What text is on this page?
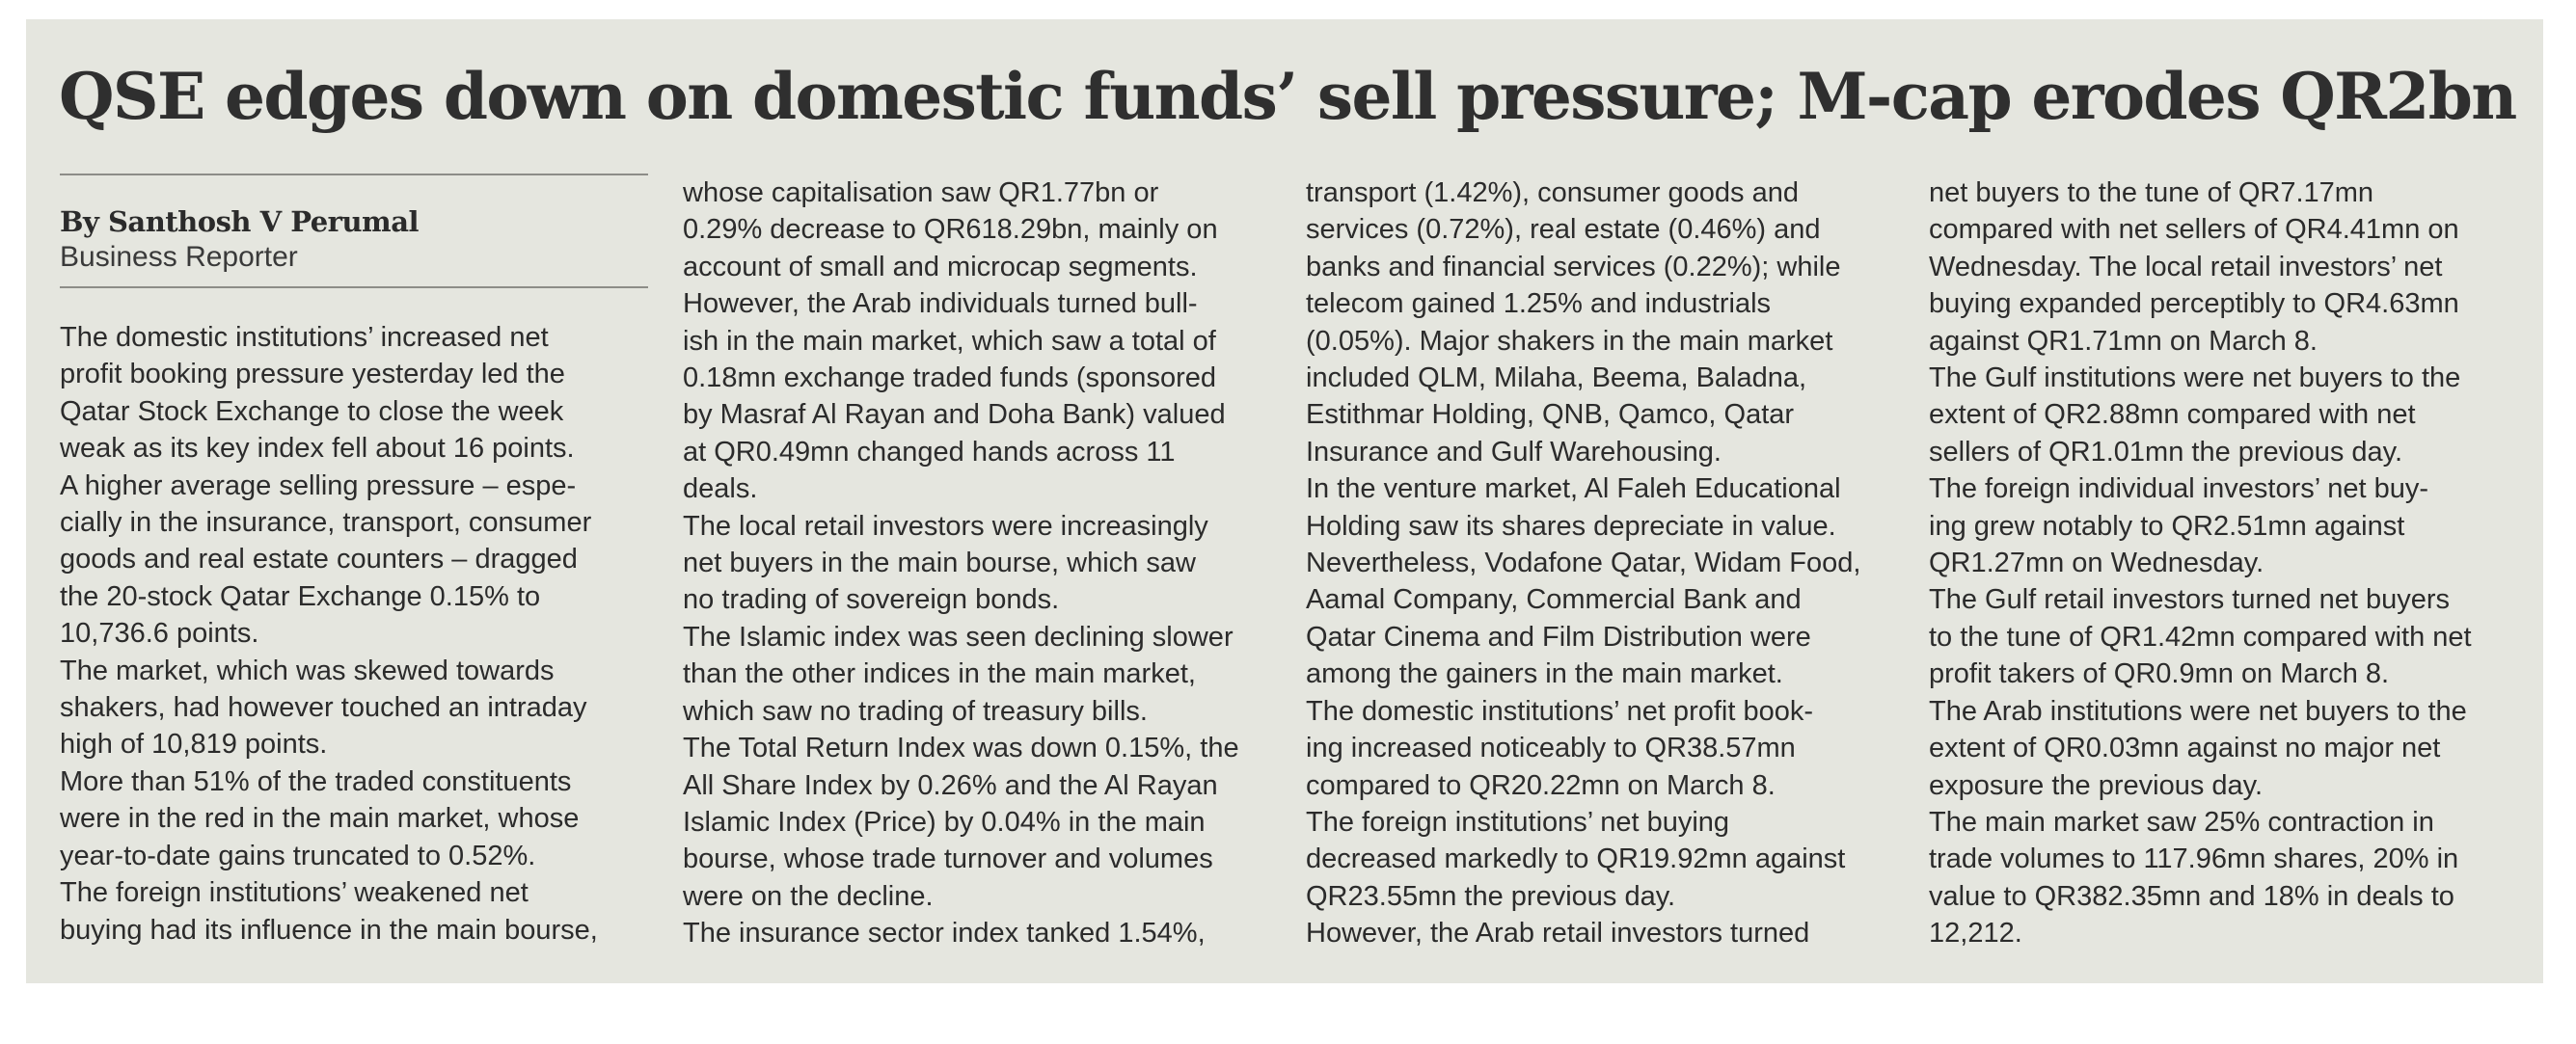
QSE edges down on domestic funds’ sell pressure; M-cap erodes QR2bn

By Santhosh V Perumal

Business Reporter

The domestic institutions’ increased net
profit booking pressure yesterday led the
Qatar Stock Exchange to close the week
weak as its key index fell about 16 points.
A higher average selling pressure – espe-
cially in the insurance, transport, consumer
goods and real estate counters – dragged
the 20-stock Qatar Exchange 0.15% to
10,736.6 points.
The market, which was skewed towards
shakers, had however touched an intraday
high of 10,819 points.
More than 51% of the traded constituents
were in the red in the main market, whose
year-to-date gains truncated to 0.52%.
The foreign institutions’ weakened net
buying had its influence in the main bourse,

whose capitalisation saw QR1.77bn or
0.29% decrease to QR618.29bn, mainly on
account of small and microcap segments.
However, the Arab individuals turned bull-
ish in the main market, which saw a total of
0.18mn exchange traded funds (sponsored
by Masraf Al Rayan and Doha Bank) valued
at QR0.49mn changed hands across 11
deals.
The local retail investors were increasingly
net buyers in the main bourse, which saw
no trading of sovereign bonds.
The Islamic index was seen declining slower
than the other indices in the main market,
which saw no trading of treasury bills.
The Total Return Index was down 0.15%, the
All Share Index by 0.26% and the Al Rayan
Islamic Index (Price) by 0.04% in the main
bourse, whose trade turnover and volumes
were on the decline.
The insurance sector index tanked 1.54%,

transport (1.42%), consumer goods and
services (0.72%), real estate (0.46%) and
banks and financial services (0.22%); while
telecom gained 1.25% and industrials
(0.05%). Major shakers in the main market
included QLM, Milaha, Beema, Baladna,
Estithmar Holding, QNB, Qamco, Qatar
Insurance and Gulf Warehousing.
In the venture market, Al Faleh Educational
Holding saw its shares depreciate in value.
Nevertheless, Vodafone Qatar, Widam Food,
Aamal Company, Commercial Bank and
Qatar Cinema and Film Distribution were
among the gainers in the main market.
The domestic institutions’ net profit book-
ing increased noticeably to QR38.57mn
compared to QR20.22mn on March 8.
The foreign institutions’ net buying
decreased markedly to QR19.92mn against
QR23.55mn the previous day.
However, the Arab retail investors turned

net buyers to the tune of QR7.17mn
compared with net sellers of QR4.41mn on
Wednesday. The local retail investors’ net
buying expanded perceptibly to QR4.63mn
against QR1.71mn on March 8.
The Gulf institutions were net buyers to the
extent of QR2.88mn compared with net
sellers of QR1.01mn the previous day.
The foreign individual investors’ net buy-
ing grew notably to QR2.51mn against
QR1.27mn on Wednesday.
The Gulf retail investors turned net buyers
to the tune of QR1.42mn compared with net
profit takers of QR0.9mn on March 8.
The Arab institutions were net buyers to the
extent of QR0.03mn against no major net
exposure the previous day.
The main market saw 25% contraction in
trade volumes to 117.96mn shares, 20% in
value to QR382.35mn and 18% in deals to
12,212.
